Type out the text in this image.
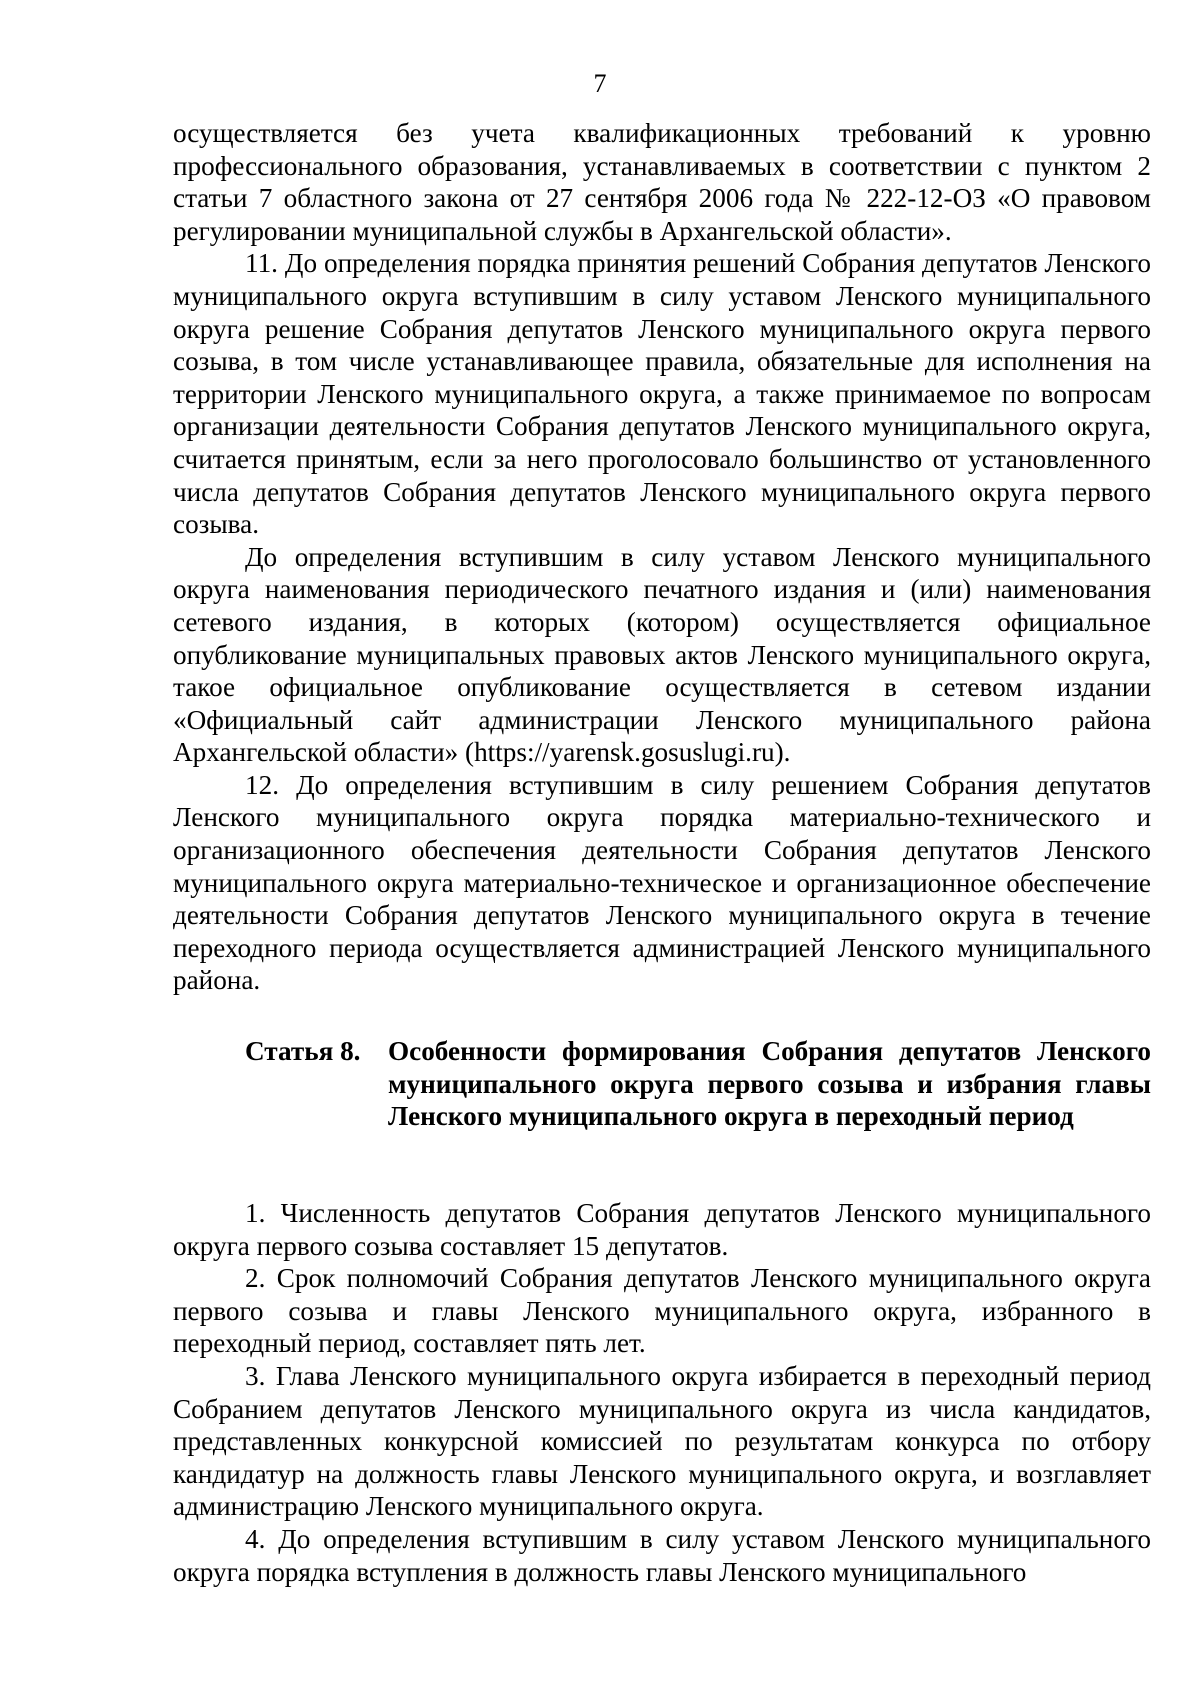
7

осуществляется без учета квалификационных требований к уровню профессионального образования, устанавливаемых в соответствии с пунктом 2 статьи 7 областного закона от 27 сентября 2006 года № 222-12-ОЗ «О правовом регулировании муниципальной службы в Архангельской области».

11. До определения порядка принятия решений Собрания депутатов Ленского муниципального округа вступившим в силу уставом Ленского муниципального округа решение Собрания депутатов Ленского муниципального округа первого созыва, в том числе устанавливающее правила, обязательные для исполнения на территории Ленского муниципального округа, а также принимаемое по вопросам организации деятельности Собрания депутатов Ленского муниципального округа, считается принятым, если за него проголосовало большинство от установленного числа депутатов Собрания депутатов Ленского муниципального округа первого созыва.

До определения вступившим в силу уставом Ленского муниципального округа наименования периодического печатного издания и (или) наименования сетевого издания, в которых (котором) осуществляется официальное опубликование муниципальных правовых актов Ленского муниципального округа, такое официальное опубликование осуществляется в сетевом издании «Официальный сайт администрации Ленского муниципального района Архангельской области» (https://yarensk.gosuslugi.ru).

12. До определения вступившим в силу решением Собрания депутатов Ленского муниципального округа порядка материально-технического и организационного обеспечения деятельности Собрания депутатов Ленского муниципального округа материально-техническое и организационное обеспечение деятельности Собрания депутатов Ленского муниципального округа в течение переходного периода осуществляется администрацией Ленского муниципального района.

Статья 8.	Особенности формирования Собрания депутатов Ленского муниципального округа первого созыва и избрания главы Ленского муниципального округа в переходный период

1. Численность депутатов Собрания депутатов Ленского муниципального округа первого созыва составляет 15 депутатов.

2. Срок полномочий Собрания депутатов Ленского муниципального округа первого созыва и главы Ленского муниципального округа, избранного в переходный период, составляет пять лет.

3. Глава Ленского муниципального округа избирается в переходный период Собранием депутатов Ленского муниципального округа из числа кандидатов, представленных конкурсной комиссией по результатам конкурса по отбору кандидатур на должность главы Ленского муниципального округа, и возглавляет администрацию Ленского муниципального округа.

4. До определения вступившим в силу уставом Ленского муниципального округа порядка вступления в должность главы Ленского муниципального
